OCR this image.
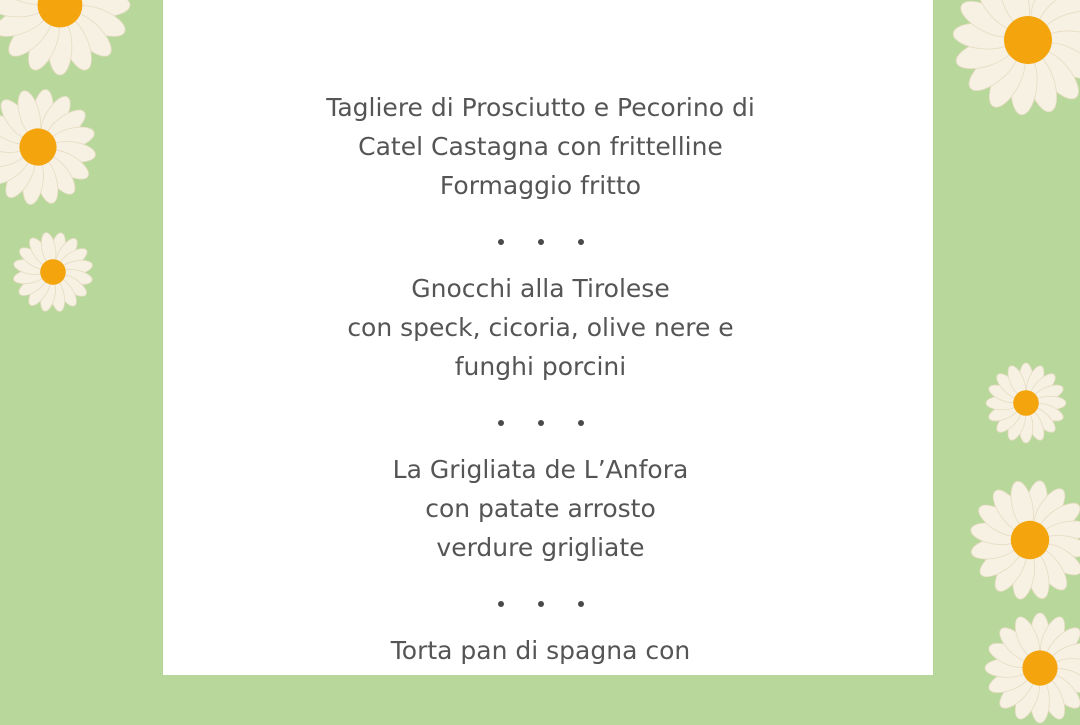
Tagliere di Prosciutto e Pecorino di
Catel Castagna con frittelline
Formaggio fritto
Gnocchi alla Tirolese
con speck, cicoria, olive nere e
funghi porcini
La Grigliata de L’Anfora
con patate arrosto
verdure grigliate
Torta pan di spagna con
